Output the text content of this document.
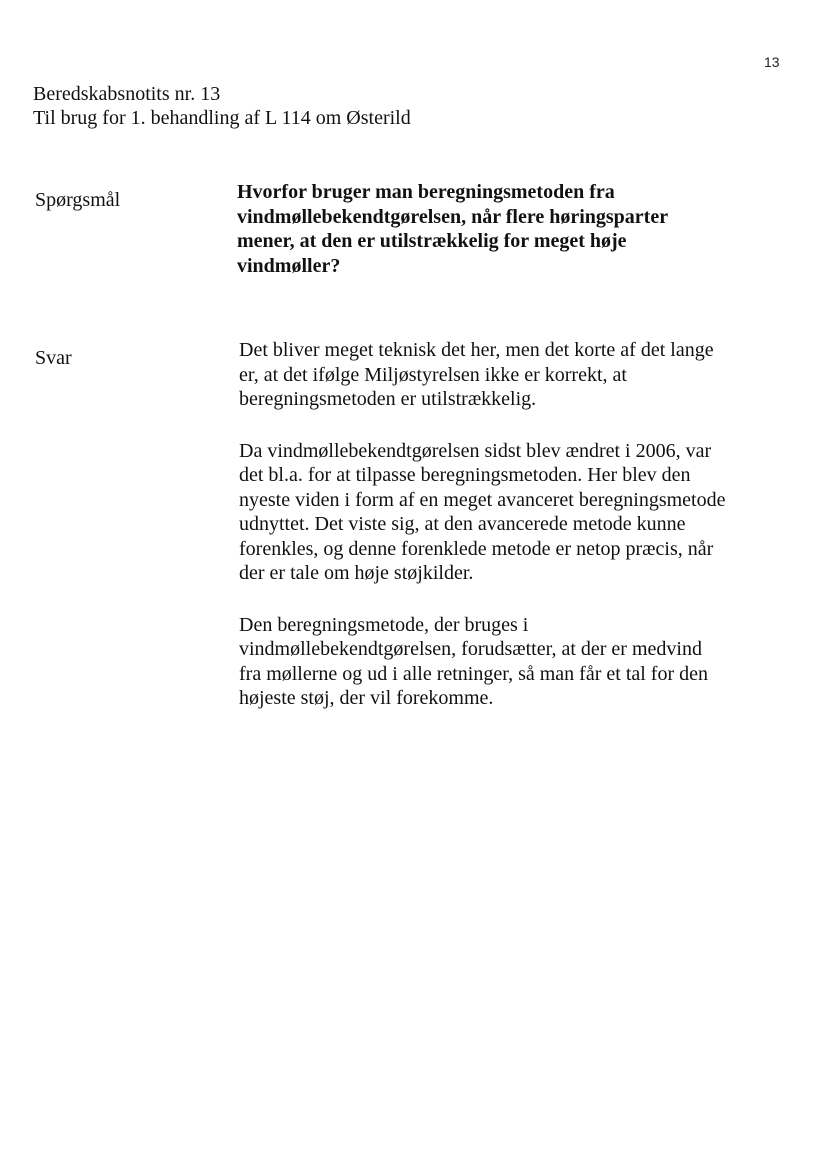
13
Beredskabsnotits nr. 13
Til brug for 1. behandling af L 114 om Østerild
Spørgsmål	Hvorfor bruger man beregningsmetoden fra vindmøllebekendtgørelsen, når flere høringsparter mener, at den er utilstrækkelig for meget høje vindmøller?
Svar	Det bliver meget teknisk det her, men det korte af det lange er, at det ifølge Miljøstyrelsen ikke er korrekt, at beregningsmetoden er utilstrækkelig.

Da vindmøllebekendtgørelsen sidst blev ændret i 2006, var det bl.a. for at tilpasse beregningsmetoden. Her blev den nyeste viden i form af en meget avanceret beregningsmetode udnyttet. Det viste sig, at den avancerede metode kunne forenkles, og denne forenklede metode er netop præcis, når der er tale om høje støjkilder.

Den beregningsmetode, der bruges i vindmøllebekendtgørelsen, forudsætter, at der er medvind fra møllerne og ud i alle retninger, så man får et tal for den højeste støj, der vil forekomme.
